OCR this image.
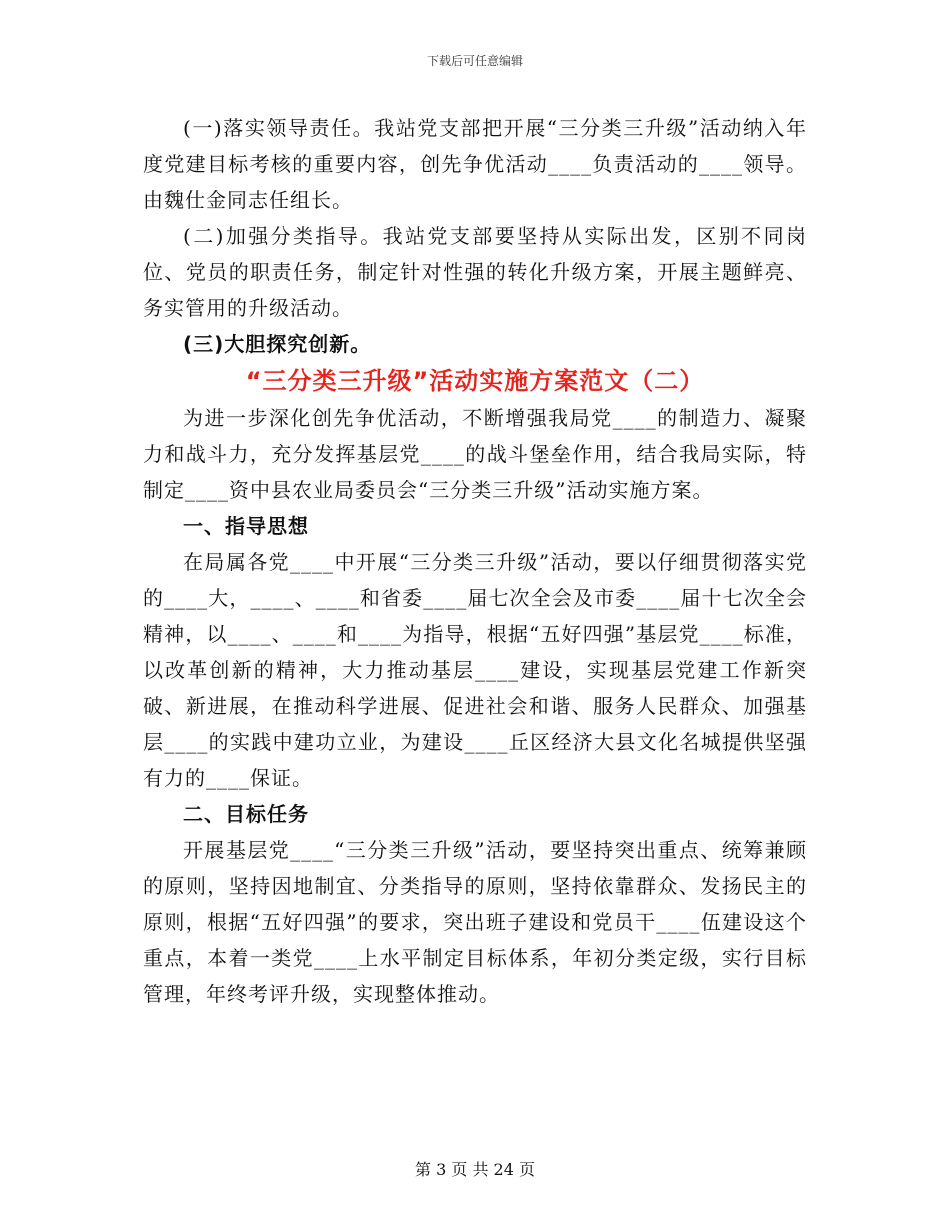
下载后可任意编辑

(一)落实领导责任。我站党支部把开展“三分类三升级”活动纳入年度党建目标考核的重要内容，创先争优活动____负责活动的____领导。由魏仕金同志任组长。

(二)加强分类指导。我站党支部要坚持从实际出发，区别不同岗位、党员的职责任务，制定针对性强的转化升级方案，开展主题鲜亮、务实管用的升级活动。

(三)大胆探究创新。

“三分类三升级”活动实施方案范文（二）

为进一步深化创先争优活动，不断增强我局党____的制造力、凝聚力和战斗力，充分发挥基层党____的战斗堡垒作用，结合我局实际，特制定____资中县农业局委员会“三分类三升级”活动实施方案。

一、指导思想

在局属各党____中开展“三分类三升级”活动，要以仔细贯彻落实党的____大，____、____和省委____届七次全会及市委____届十七次全会精神，以____、____和____为指导，根据“五好四强”基层党____标准，以改革创新的精神，大力推动基层____建设，实现基层党建工作新突破、新进展，在推动科学进展、促进社会和谐、服务人民群众、加强基层____的实践中建功立业，为建设____丘区经济大县文化名城提供坚强有力的____保证。

二、目标任务

开展基层党____“三分类三升级”活动，要坚持突出重点、统筹兼顾的原则，坚持因地制宜、分类指导的原则，坚持依靠群众、发扬民主的原则，根据“五好四强”的要求，突出班子建设和党员干____伍建设这个重点，本着一类党____上水平制定目标体系，年初分类定级，实行目标管理，年终考评升级，实现整体推动。

第 3 页 共 24 页
